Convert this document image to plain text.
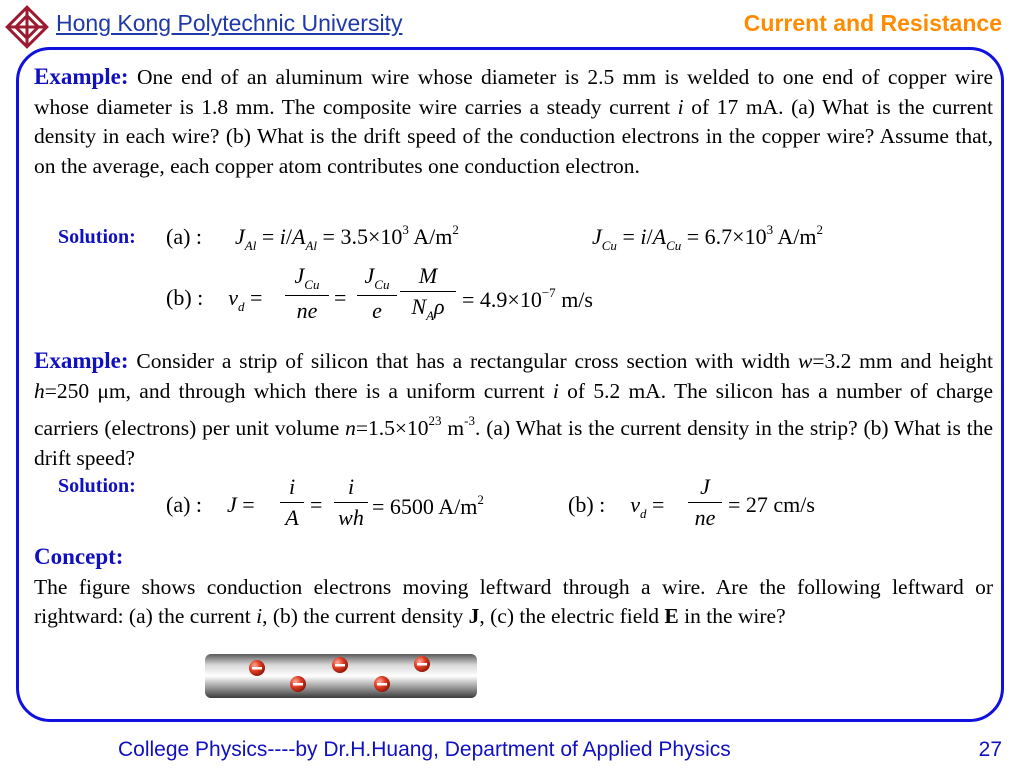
Hong Kong Polytechnic University	Current and Resistance
Example: One end of an aluminum wire whose diameter is 2.5 mm is welded to one end of copper wire whose diameter is 1.8 mm. The composite wire carries a steady current i of 17 mA. (a) What is the current density in each wire? (b) What is the drift speed of the conduction electrons in the copper wire? Assume that, on the average, each copper atom contributes one conduction electron.
Solution: (a) : $J_{Al} = i/A_{Al} = 3.5\times 10^3$ $A/m^2$	$J_{Cu} = i/A_{Cu} = 6.7\times 10^3$ $A/m^2$
(b) : $v_d$ =
$J_{Cu}$
ne
=
$J_{Cu}$
e
M
$N_A\rho = 4.9\times 10^{-7}$ m/s
Example: Consider a strip of silicon that has a rectangular cross section with width w=3.2 mm and height h=250 μm, and through which there is a uniform current i of 5.2 mA. The silicon has a number of charge carriers (electrons) per unit volume $n=1.5\times 10^{23}$ $m^{-3}$. (a) What is the current density in the strip? (b) What is the drift speed?
Solution:
(a) : J =
i
A
=
i
wh = 6500 $A/m^2$	(b) : $v_d$ =
J
ne
= 27 cm/s
Concept:
The figure shows conduction electrons moving leftward through a wire. Are the following leftward or rightward: (a) the current i, (b) the current density J, (c) the electric field E in the wire?
College Physics----by Dr.H.Huang, Department of Applied Physics	27
